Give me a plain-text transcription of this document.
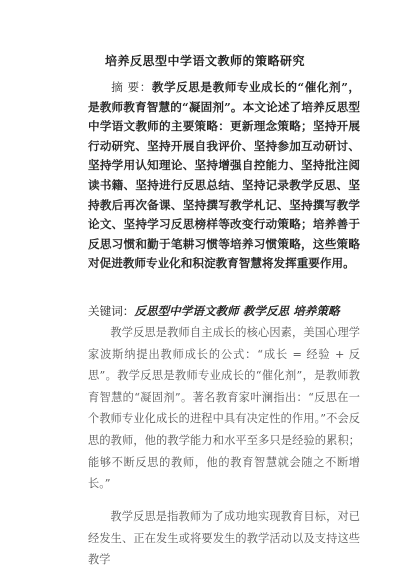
培养反思型中学语文教师的策略研究

摘 要：教学反思是教师专业成长的“催化剂”，是教师教育智慧的“凝固剂”。本文论述了培养反思型中学语文教师的主要策略：更新理念策略；坚持开展行动研究、坚持开展自我评价、坚持参加互动研讨、坚持学用认知理论、坚持增强自控能力、坚持批注阅读书籍、坚持进行反思总结、坚持记录教学反思、坚持教后再次备课、坚持撰写教学札记、坚持撰写教学论文、坚持学习反思榜样等改变行动策略；培养善于反思习惯和勤于笔耕习惯等培养习惯策略，这些策略对促进教师专业化和积淀教育智慧将发挥重要作用。

关键词：反思型中学语文教师 教学反思 培养策略

教学反思是教师自主成长的核心因素，美国心理学家波斯纳提出教师成长的公式：“成长 = 经验 + 反思”。教学反思是教师专业成长的“催化剂”，是教师教育智慧的“凝固剂”。著名教育家叶澜指出：“反思在一个教师专业化成长的进程中具有决定性的作用。”不会反思的教师，他的教学能力和水平至多只是经验的累积；能够不断反思的教师，他的教育智慧就会随之不断增长。”

教学反思是指教师为了成功地实现教育目标，对已经发生、正在发生或将要发生的教学活动以及支持这些教学
